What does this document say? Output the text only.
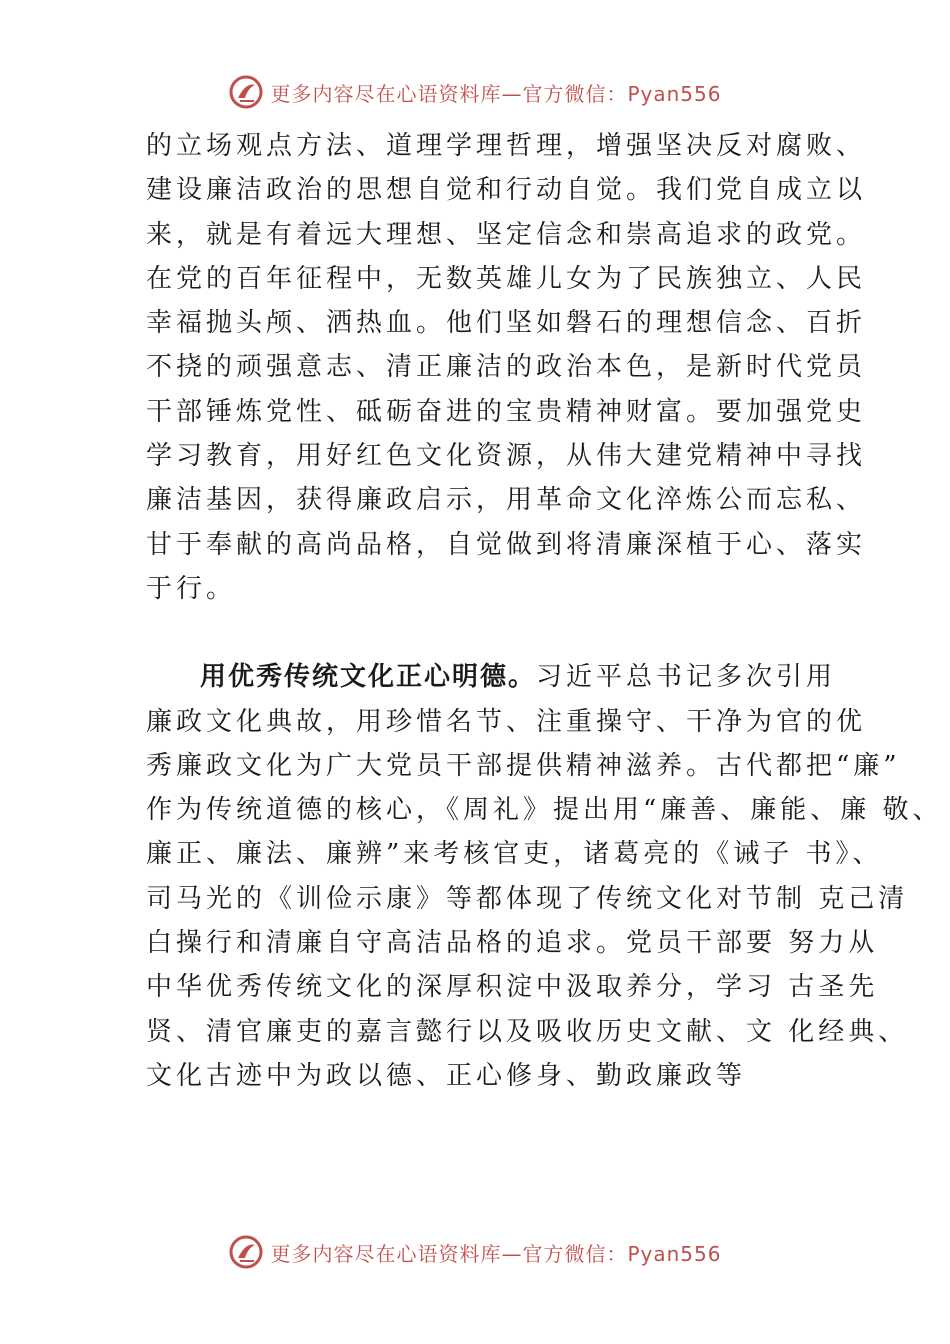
更多内容尽在心语资料库—官方微信：Pyan556
的立场观点方法、道理学理哲理，增强坚决反对腐败、
建设廉洁政治的思想自觉和行动自觉。我们党自成立以
来，就是有着远大理想、坚定信念和崇高追求的政党。
在党的百年征程中，无数英雄儿女为了民族独立、人民
幸福抛头颅、洒热血。他们坚如磐石的理想信念、百折
不挠的顽强意志、清正廉洁的政治本色，是新时代党员
干部锤炼党性、砥砺奋进的宝贵精神财富。要加强党史
学习教育，用好红色文化资源，从伟大建党精神中寻找
廉洁基因，获得廉政启示，用革命文化淬炼公而忘私、
甘于奉献的高尚品格，自觉做到将清廉深植于心、落实
于行。
用优秀传统文化正心明德。习近平总书记多次引用
廉政文化典故，用珍惜名节、注重操守、干净为官的优
秀廉政文化为广大党员干部提供精神滋养。古代都把“廉”
作为传统道德的核心，《周礼》提出用“廉善、廉能、廉 敬、
廉正、廉法、廉辨”来考核官吏，诸葛亮的《诫子 书》、
司马光的《训俭示康》等都体现了传统文化对节制 克己清
白操行和清廉自守高洁品格的追求。党员干部要 努力从
中华优秀传统文化的深厚积淀中汲取养分，学习 古圣先
贤、清官廉吏的嘉言懿行以及吸收历史文献、文 化经典、
文化古迹中为政以德、正心修身、勤政廉政等
更多内容尽在心语资料库—官方微信：Pyan556
